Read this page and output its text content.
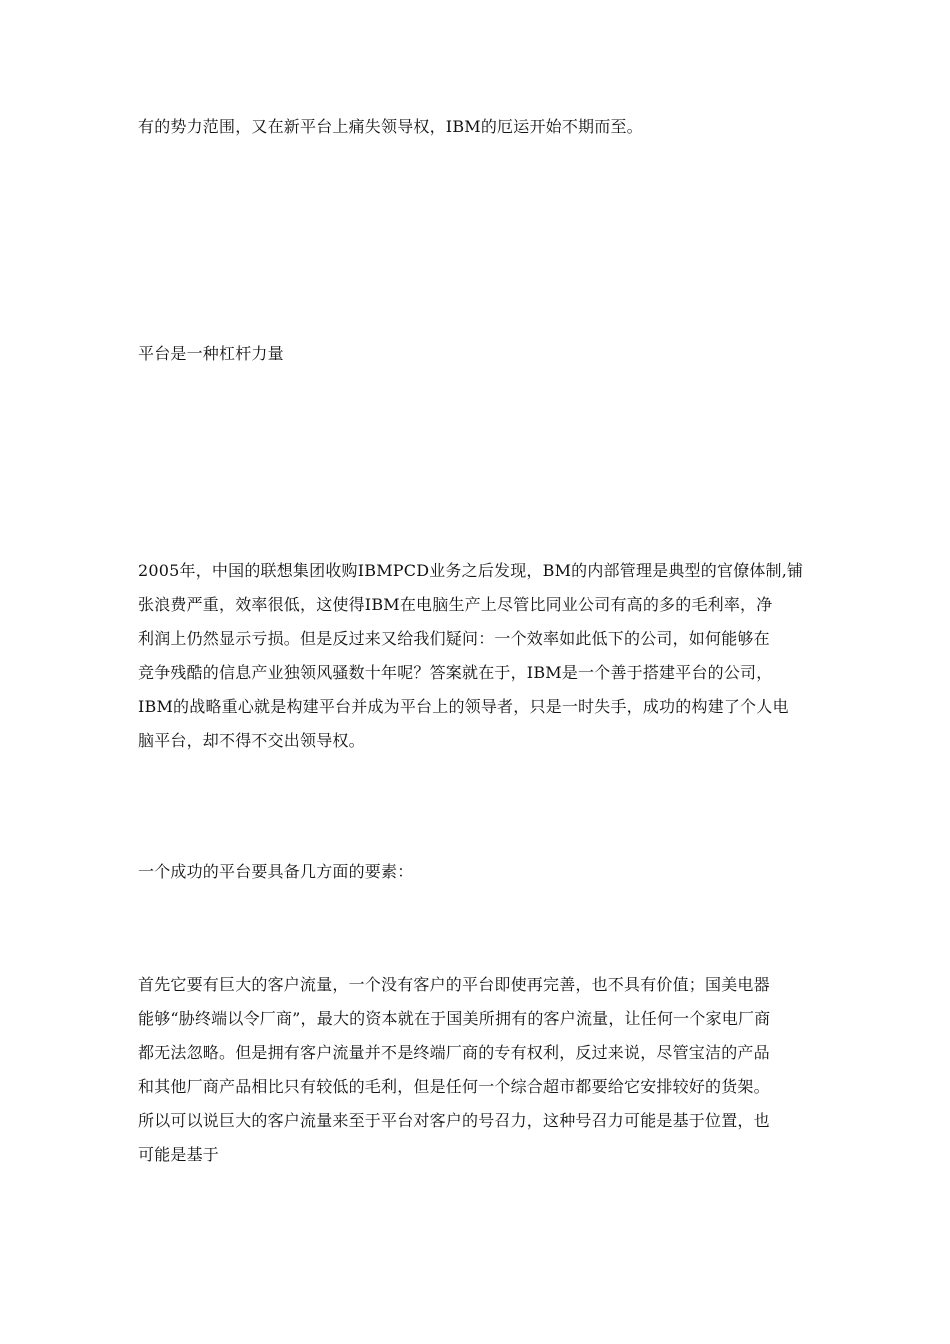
有的势力范围，又在新平台上痛失领导权，IBM的厄运开始不期而至。

平台是一种杠杆力量

2005年，中国的联想集团收购IBMPCD业务之后发现，BM的内部管理是典型的官僚体制,铺
张浪费严重，效率很低，这使得IBM在电脑生产上尽管比同业公司有高的多的毛利率，净
利润上仍然显示亏损。但是反过来又给我们疑问：一个效率如此低下的公司，如何能够在
竞争残酷的信息产业独领风骚数十年呢？答案就在于，IBM是一个善于搭建平台的公司，
IBM的战略重心就是构建平台并成为平台上的领导者，只是一时失手，成功的构建了个人电
脑平台，却不得不交出领导权。

一个成功的平台要具备几方面的要素：

首先它要有巨大的客户流量，一个没有客户的平台即使再完善，也不具有价值；国美电器
能够“胁终端以令厂商”，最大的资本就在于国美所拥有的客户流量，让任何一个家电厂商
都无法忽略。但是拥有客户流量并不是终端厂商的专有权利，反过来说，尽管宝洁的产品
和其他厂商产品相比只有较低的毛利，但是任何一个综合超市都要给它安排较好的货架。
所以可以说巨大的客户流量来至于平台对客户的号召力，这种号召力可能是基于位置，也
可能是基于
